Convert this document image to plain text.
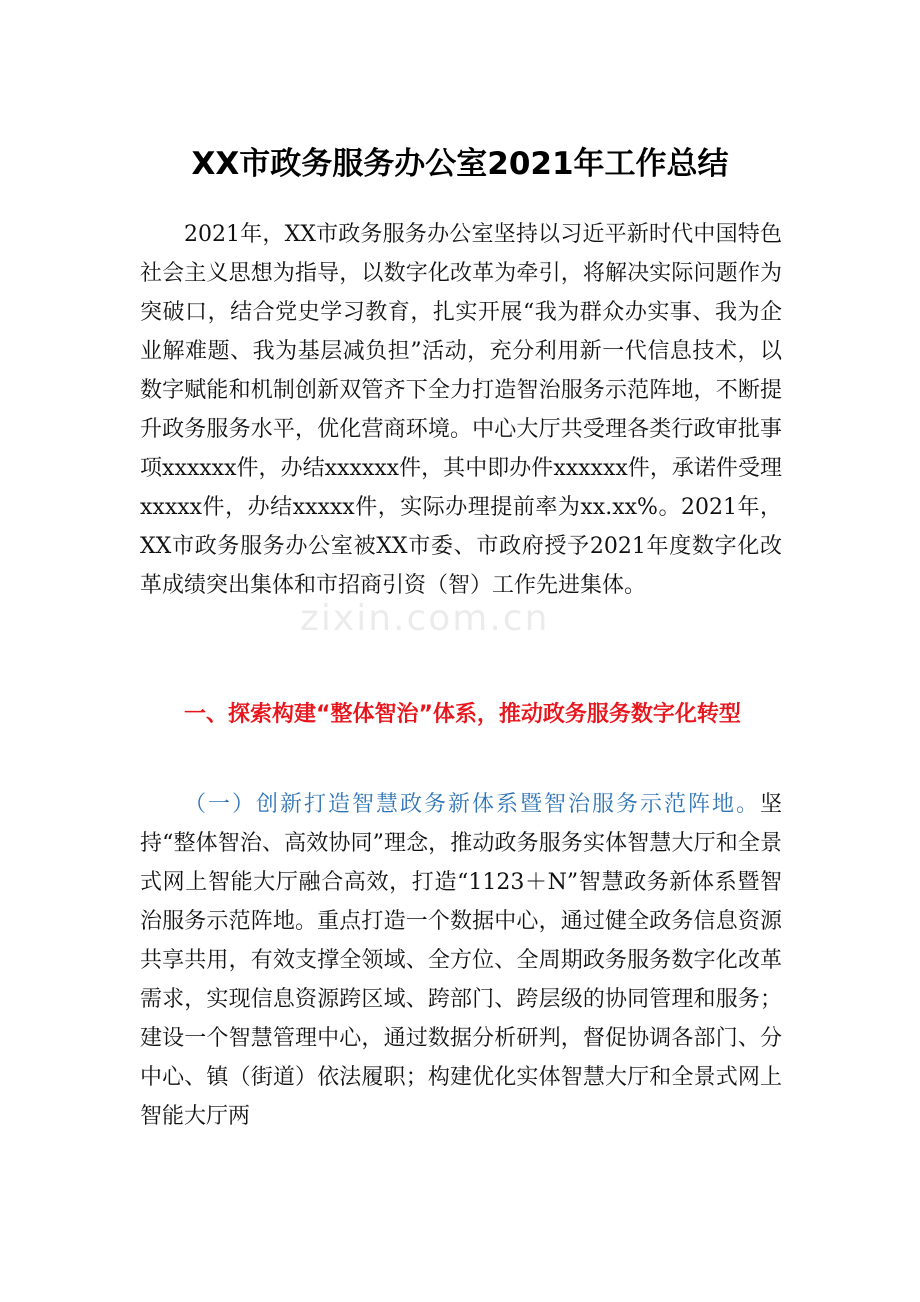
XX市政务服务办公室2021年工作总结

2021年，XX市政务服务办公室坚持以习近平新时代中国特色社会主义思想为指导，以数字化改革为牵引，将解决实际问题作为突破口，结合党史学习教育，扎实开展“我为群众办实事、我为企业解难题、我为基层减负担”活动，充分利用新一代信息技术，以数字赋能和机制创新双管齐下全力打造智治服务示范阵地，不断提升政务服务水平，优化营商环境。中心大厅共受理各类行政审批事项xxxxxx件，办结xxxxxx件，其中即办件xxxxxx件，承诺件受理xxxxx件，办结xxxxx件，实际办理提前率为xx.xx%。2021年，XX市政务服务办公室被XX市委、市政府授予2021年度数字化改革成绩突出集体和市招商引资（智）工作先进集体。

zixin.com.cn

一、探索构建“整体智治”体系，推动政务服务数字化转型

（一）创新打造智慧政务新体系暨智治服务示范阵地。坚持“整体智治、高效协同”理念，推动政务服务实体智慧大厅和全景式网上智能大厅融合高效，打造“1123＋N”智慧政务新体系暨智治服务示范阵地。重点打造一个数据中心，通过健全政务信息资源共享共用，有效支撑全领域、全方位、全周期政务服务数字化改革需求，实现信息资源跨区域、跨部门、跨层级的协同管理和服务；建设一个智慧管理中心，通过数据分析研判，督促协调各部门、分中心、镇（街道）依法履职；构建优化实体智慧大厅和全景式网上智能大厅两
